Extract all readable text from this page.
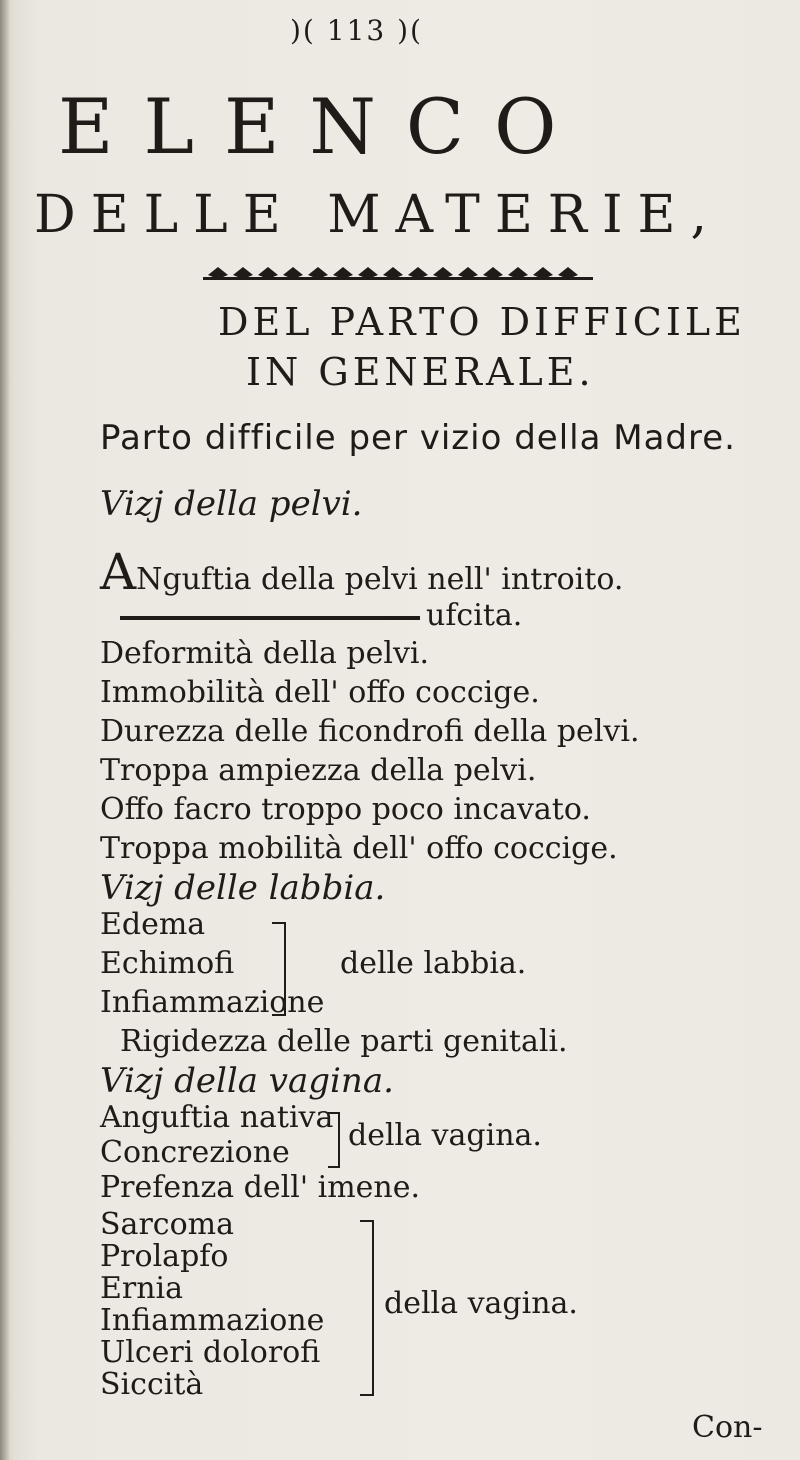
)( 113 )(
ELENCO
DELLE MATERIE,
DEL PARTO DIFFICILE
IN GENERALE.
Parto difficile per vizio della Madre.
Vizj della pelvi.
ANguftia della pelvi nell' introito.
ufcita.
Deformità della pelvi.
Immobilità dell' offo coccige.
Durezza delle ficondrofi della pelvi.
Troppa ampiezza della pelvi.
Offo facro troppo poco incavato.
Troppa mobilità dell' offo coccige.
Vizj delle labbia.
Edema
Echimofi
Infiammazione
delle labbia.
Rigidezza delle parti genitali.
Vizj della vagina.
Anguftia nativa
Concrezione della vagina.
Prefenza dell' imene.
Sarcoma
Prolapfo
Ernia
Infiammazione
Ulceri dolorofi
Siccità
della vagina.
Con-
